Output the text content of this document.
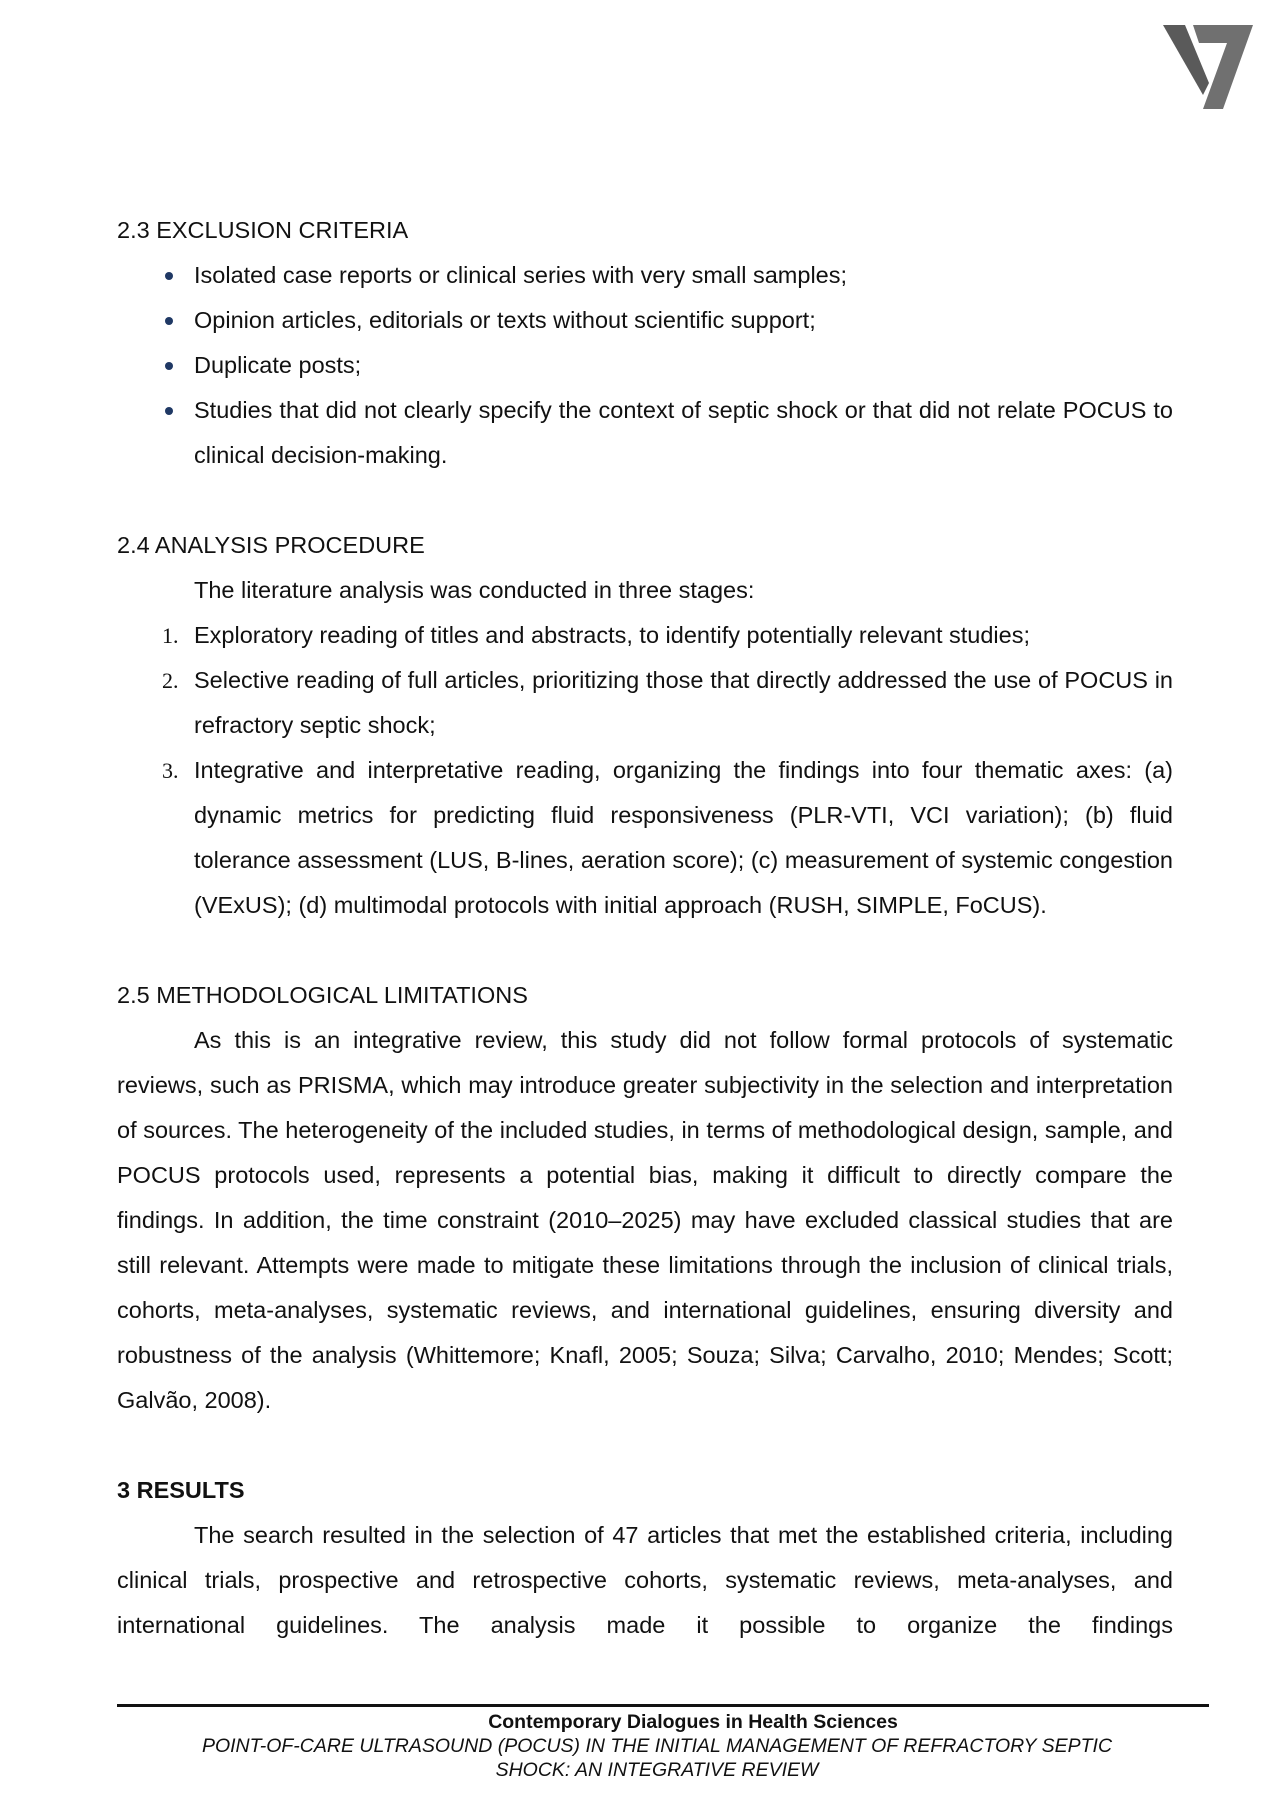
2.3 EXCLUSION CRITERIA
Isolated case reports or clinical series with very small samples;
Opinion articles, editorials or texts without scientific support;
Duplicate posts;
Studies that did not clearly specify the context of septic shock or that did not relate POCUS to clinical decision-making.
2.4 ANALYSIS PROCEDURE

The literature analysis was conducted in three stages:

1. Exploratory reading of titles and abstracts, to identify potentially relevant studies;
2. Selective reading of full articles, prioritizing those that directly addressed the use of POCUS in refractory septic shock;
3. Integrative and interpretative reading, organizing the findings into four thematic axes: (a) dynamic metrics for predicting fluid responsiveness (PLR-VTI, VCI variation); (b) fluid tolerance assessment (LUS, B-lines, aeration score); (c) measurement of systemic congestion (VExUS); (d) multimodal protocols with initial approach (RUSH, SIMPLE, FoCUS).
2.5 METHODOLOGICAL LIMITATIONS

As this is an integrative review, this study did not follow formal protocols of systematic reviews, such as PRISMA, which may introduce greater subjectivity in the selection and interpretation of sources. The heterogeneity of the included studies, in terms of methodological design, sample, and POCUS protocols used, represents a potential bias, making it difficult to directly compare the findings. In addition, the time constraint (2010–2025) may have excluded classical studies that are still relevant. Attempts were made to mitigate these limitations through the inclusion of clinical trials, cohorts, meta-analyses, systematic reviews, and international guidelines, ensuring diversity and robustness of the analysis (Whittemore; Knafl, 2005; Souza; Silva; Carvalho, 2010; Mendes; Scott; Galvão, 2008).

3 RESULTS

The search resulted in the selection of 47 articles that met the established criteria, including clinical trials, prospective and retrospective cohorts, systematic reviews, meta-analyses, and international guidelines. The analysis made it possible to organize the findings

Contemporary Dialogues in Health Sciences
POINT-OF-CARE ULTRASOUND (POCUS) IN THE INITIAL MANAGEMENT OF REFRACTORY SEPTIC
SHOCK: AN INTEGRATIVE REVIEW
